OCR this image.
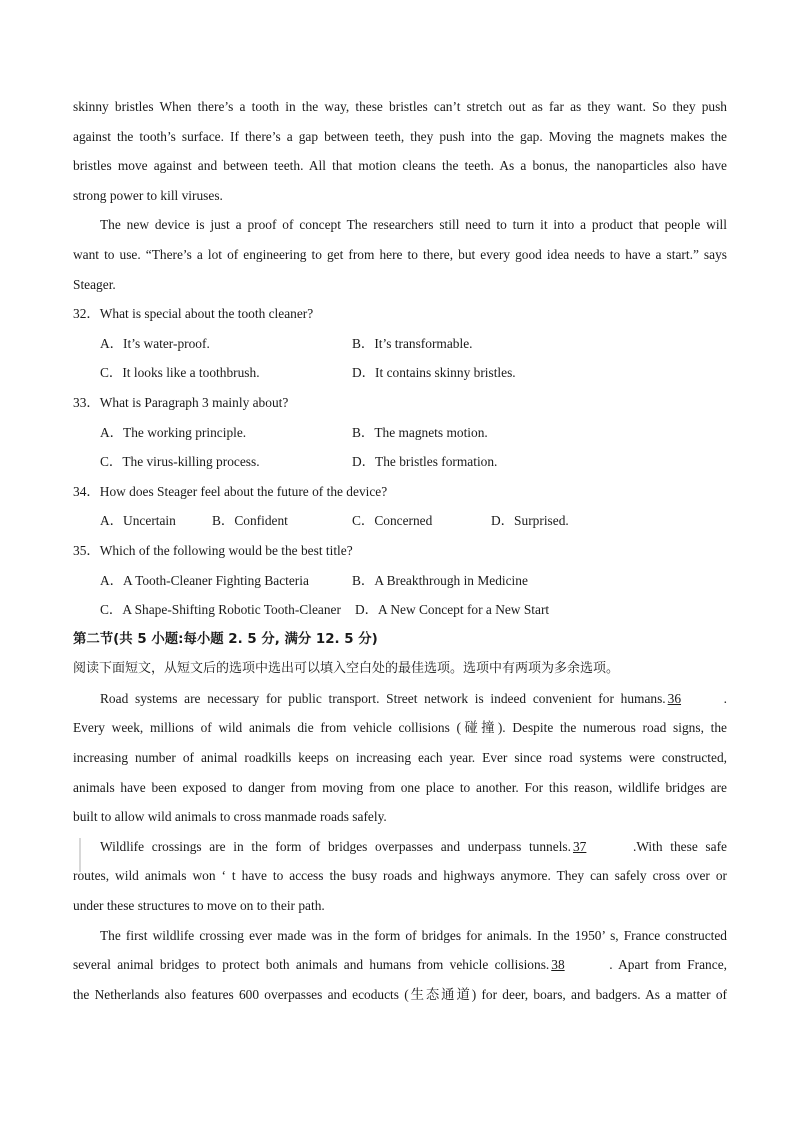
skinny bristles When there’s a tooth in the way, these bristles can’t stretch out as far as they want. So they push
against the tooth’s surface. If there’s a gap between teeth, they push into the gap. Moving the magnets makes the
bristles move against and between teeth. All that motion cleans the teeth. As a bonus, the nanoparticles also have
strong power to kill viruses.
The new device is just a proof of concept The researchers still need to turn it into a product that people will
want to use. “There’s a lot of engineering to get from here to there, but every good idea needs to have a start.” says
Steager.
32．What is special about the tooth cleaner?
A．It’s water-proof.	B．It’s transformable.
C．It looks like a toothbrush.	D．It contains skinny bristles.
33．What is Paragraph 3 mainly about?
A．The working principle.	B．The magnets motion.
C．The virus-killing process.	D．The bristles formation.
34．How does Steager feel about the future of the device?
A．Uncertain	B．Confident	C．Concerned	D．Surprised.
35．Which of the following would be the best title?
A．A Tooth-Cleaner Fighting Bacteria	B．A Breakthrough in Medicine
C．A Shape-Shifting Robotic Tooth-Cleaner D．A New Concept for a New Start
第二节(共 5 小题:每小题 2. 5 分, 满分 12. 5 分)
阅读下面短文，从短文后的选项中选出可以填入空白处的最佳选项。选项中有两项为多余选项。
Road systems are necessary for public transport. Street network is indeed convenient for humans. 36	.
Every week, millions of wild animals die from vehicle collisions (碰撞). Despite the numerous road signs, the
increasing number of animal roadkills keeps on increasing each year. Ever since road systems were constructed,
animals have been exposed to danger from moving from one place to another. For this reason, wildlife bridges are
built to allow wild animals to cross manmade roads safely.
Wildlife crossings are in the form of bridges overpasses and underpass tunnels. 37	.With these safe
routes, wild animals won ‘ t have to access the busy roads and highways anymore. They can safely cross over or
under these structures to move on to their path.
The first wildlife crossing ever made was in the form of bridges for animals. In the 1950’ s, France constructed
several animal bridges to protect both animals and humans from vehicle collisions. 38	. Apart from France,
the Netherlands also features 600 overpasses and ecoducts (生态通道) for deer, boars, and badgers. As a matter of
